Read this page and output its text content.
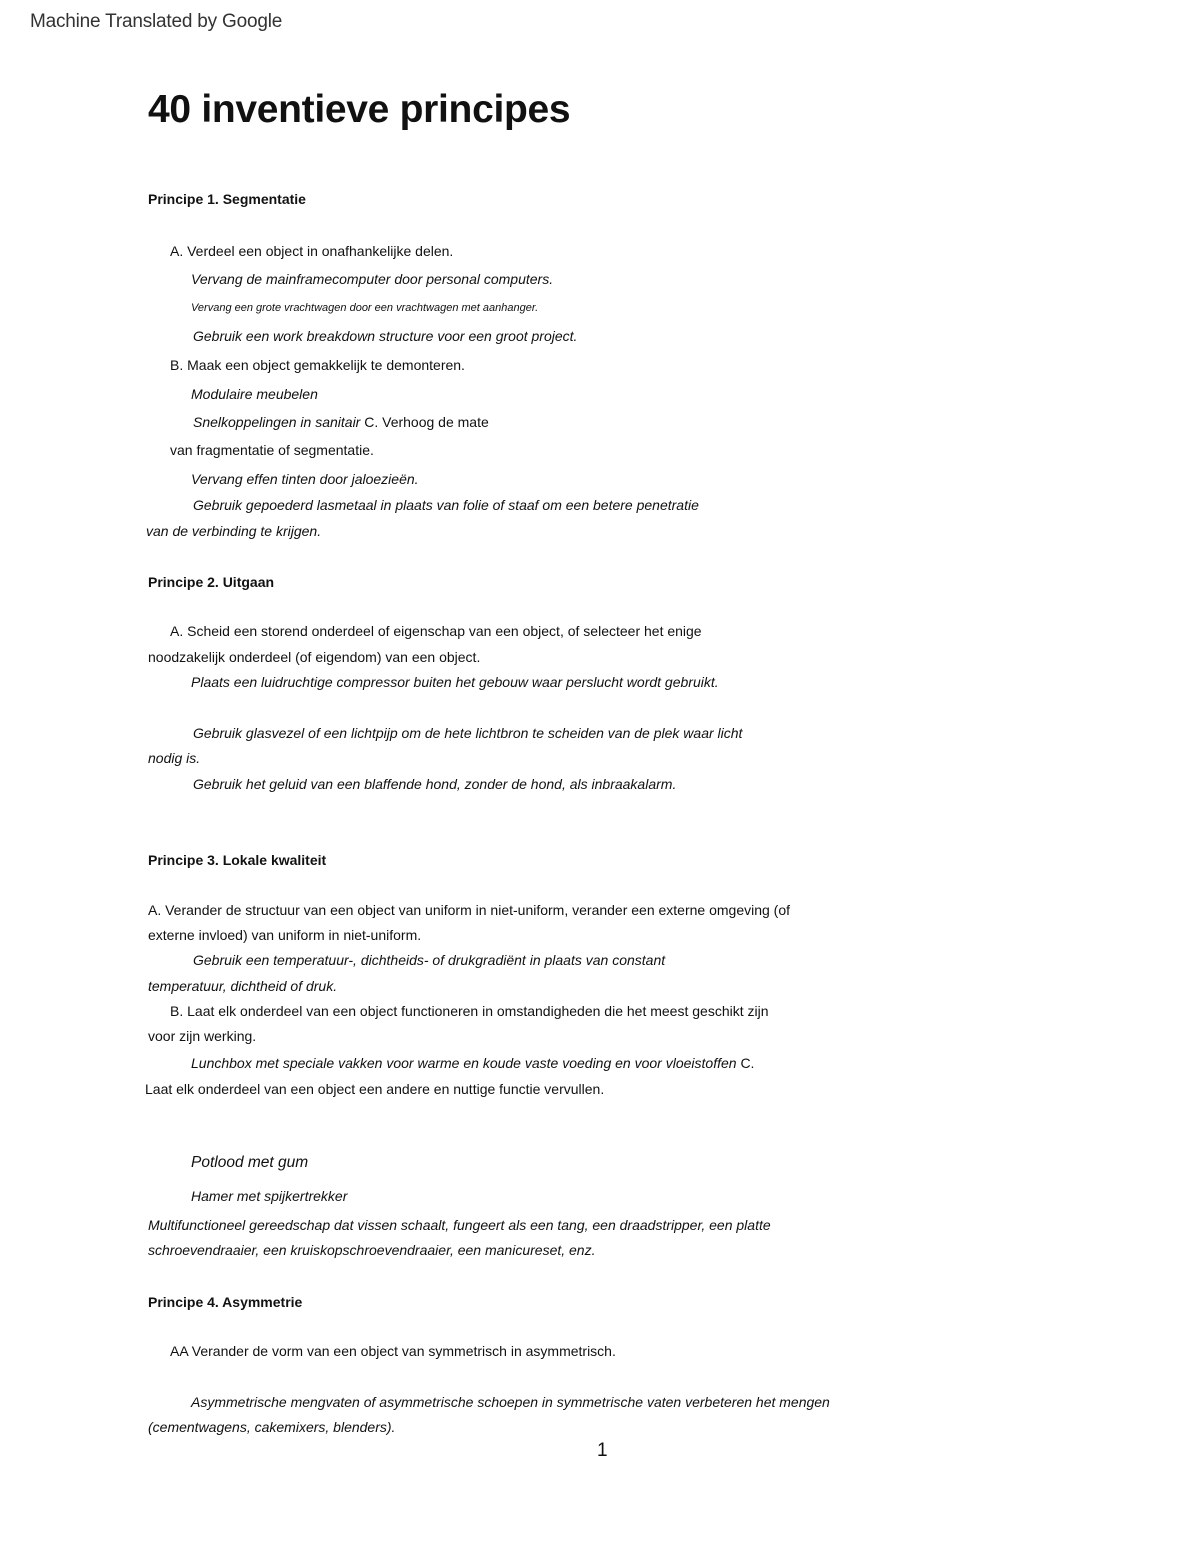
Machine Translated by Google
40 inventieve principes
Principe 1. Segmentatie
A. Verdeel een object in onafhankelijke delen.
Vervang de mainframecomputer door personal computers.
Vervang een grote vrachtwagen door een vrachtwagen met aanhanger.
Gebruik een work breakdown structure voor een groot project.
B. Maak een object gemakkelijk te demonteren.
Modulaire meubelen
Snelkoppelingen in sanitair C. Verhoog de mate
van fragmentatie of segmentatie.
Vervang effen tinten door jaloezieën.
Gebruik gepoederd lasmetaal in plaats van folie of staaf om een betere penetratie
van de verbinding te krijgen.
Principe 2. Uitgaan
A. Scheid een storend onderdeel of eigenschap van een object, of selecteer het enige
noodzakelijk onderdeel (of eigendom) van een object.
Plaats een luidruchtige compressor buiten het gebouw waar perslucht wordt gebruikt.
Gebruik glasvezel of een lichtpijp om de hete lichtbron te scheiden van de plek waar licht
nodig is.
Gebruik het geluid van een blaffende hond, zonder de hond, als inbraakalarm.
Principe 3. Lokale kwaliteit
A. Verander de structuur van een object van uniform in niet-uniform, verander een externe omgeving (of
externe invloed) van uniform in niet-uniform.
Gebruik een temperatuur-, dichtheids- of drukgradiënt in plaats van constant
temperatuur, dichtheid of druk.
B. Laat elk onderdeel van een object functioneren in omstandigheden die het meest geschikt zijn
voor zijn werking.
Lunchbox met speciale vakken voor warme en koude vaste voeding en voor vloeistoffen C.
Laat elk onderdeel van een object een andere en nuttige functie vervullen.
Potlood met gum
Hamer met spijkertrekker
Multifunctioneel gereedschap dat vissen schaalt, fungeert als een tang, een draadstripper, een platte
schroevendraaier, een kruiskopschroevendraaier, een manicureset, enz.
Principe 4. Asymmetrie
AA Verander de vorm van een object van symmetrisch in asymmetrisch.
Asymmetrische mengvaten of asymmetrische schoepen in symmetrische vaten verbeteren het mengen
(cementwagens, cakemixers, blenders).
1
